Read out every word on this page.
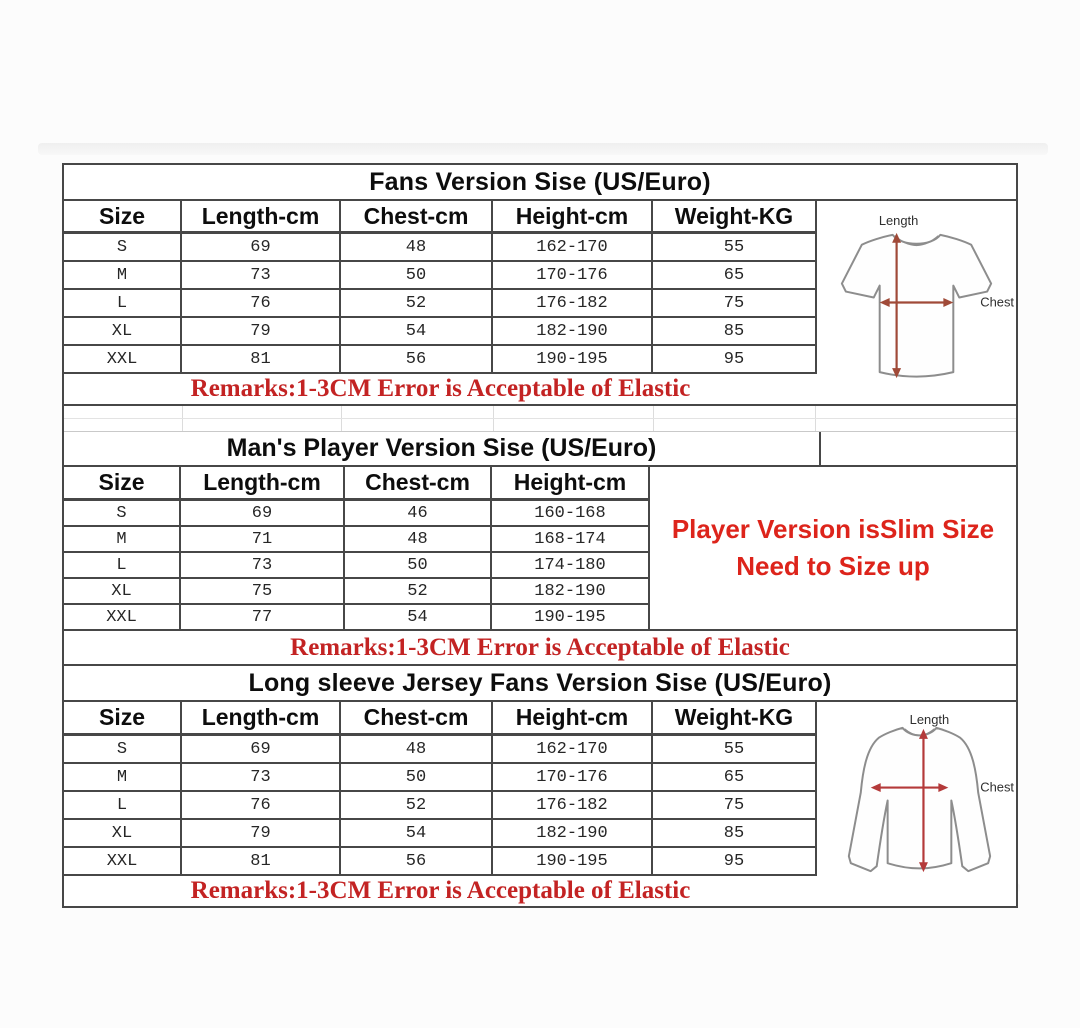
Fans Version Sise (US/Euro)
Size	Length-cm	Chest-cm	Height-cm	Weight-KG
S	69	48	162-170	55
M	73	50	170-176	65
L	76	52	176-182	75
XL	79	54	182-190	85
XXL	81	56	190-195	95
Remarks:1-3CM Error is Acceptable of Elastic
Length
Chest
Man's Player Version Sise (US/Euro)
Size	Length-cm	Chest-cm	Height-cm
S	69	46	160-168
M	71	48	168-174
L	73	50	174-180
XL	75	52	182-190
XXL	77	54	190-195
Player Version isSlim Size
Need to Size up
Remarks:1-3CM Error is Acceptable of Elastic
Long sleeve Jersey Fans Version Sise (US/Euro)
Size	Length-cm	Chest-cm	Height-cm	Weight-KG
S	69	48	162-170	55
M	73	50	170-176	65
L	76	52	176-182	75
XL	79	54	182-190	85
XXL	81	56	190-195	95
Remarks:1-3CM Error is Acceptable of Elastic
Length
Chest
